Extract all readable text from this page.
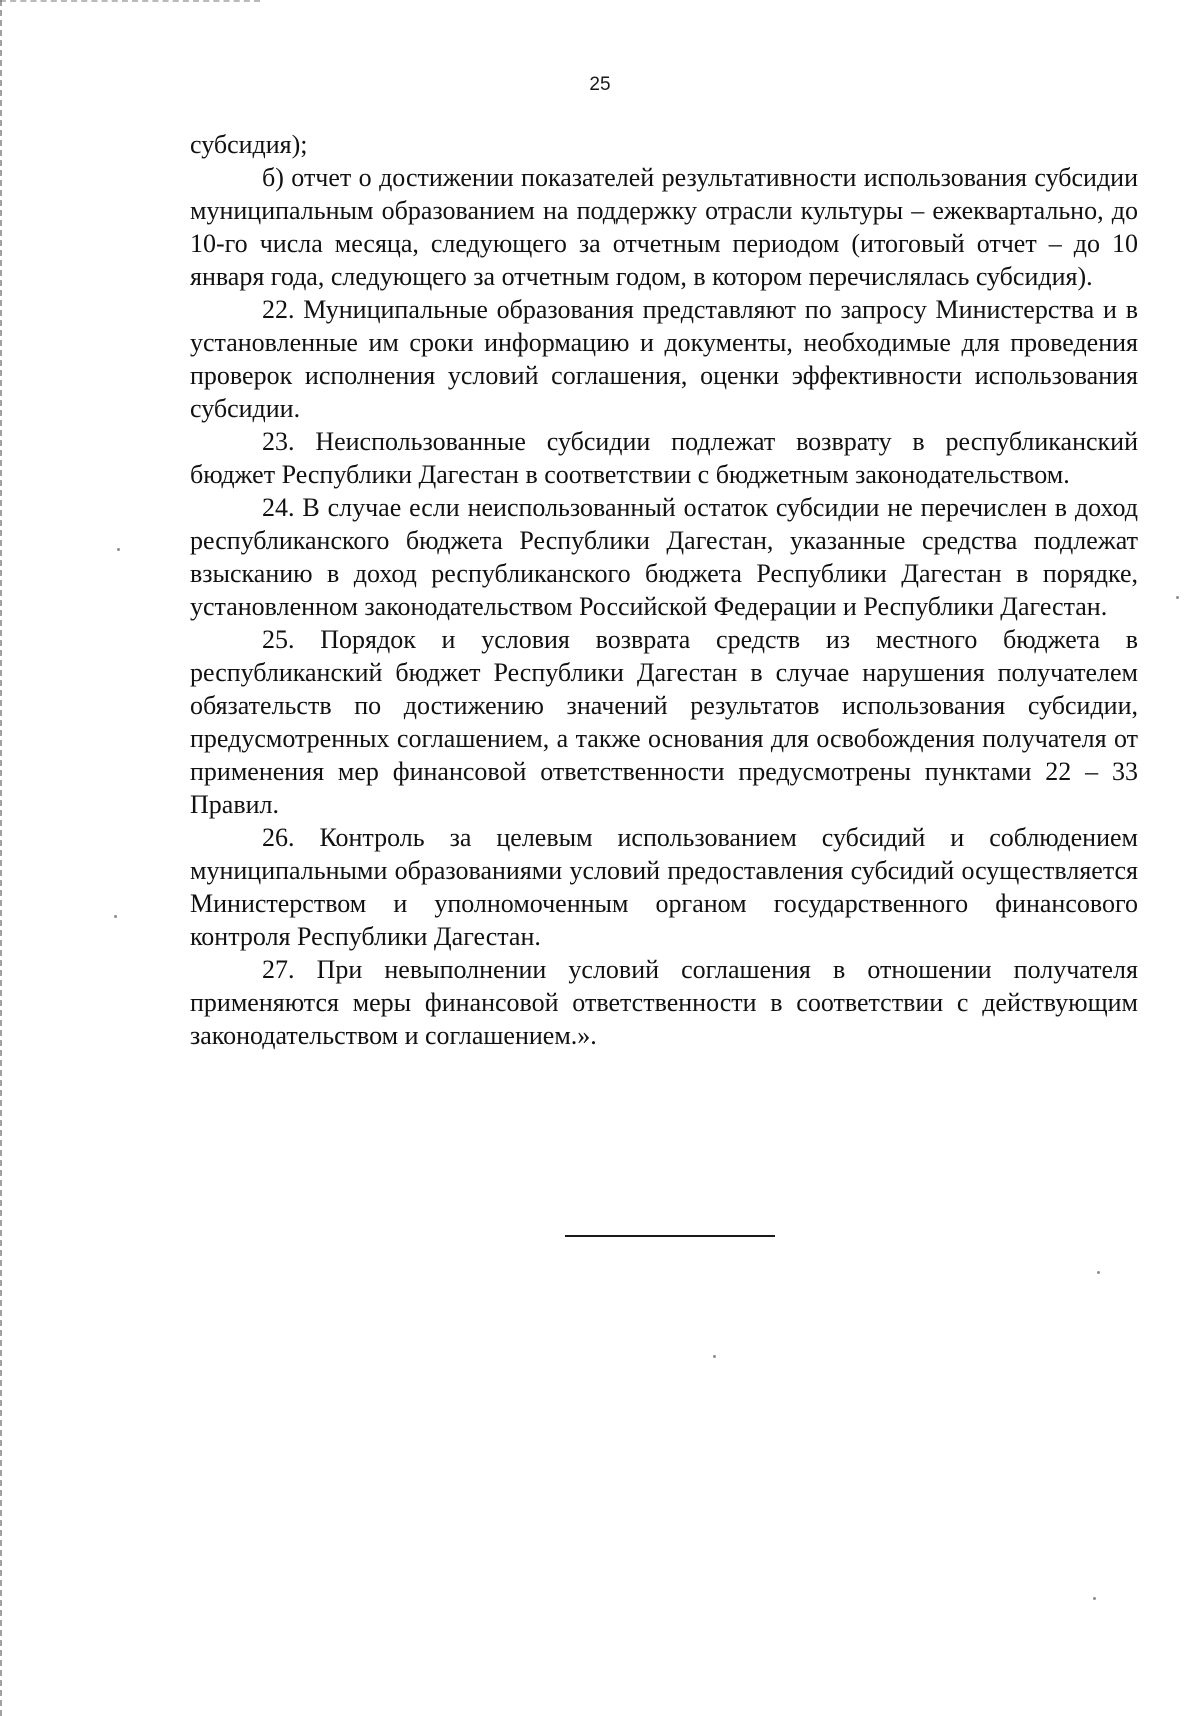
25

субсидия);

б) отчет о достижении показателей результативности использования субсидии муниципальным образованием на поддержку отрасли культуры – ежеквартально, до 10-го числа месяца, следующего за отчетным периодом (итоговый отчет – до 10 января года, следующего за отчетным годом, в котором перечислялась субсидия).

22. Муниципальные образования представляют по запросу Министерства и в установленные им сроки информацию и документы, необходимые для проведения проверок исполнения условий соглашения, оценки эффективности использования субсидии.

23. Неиспользованные субсидии подлежат возврату в республиканский бюджет Республики Дагестан в соответствии с бюджетным законодательством.

24. В случае если неиспользованный остаток субсидии не перечислен в доход республиканского бюджета Республики Дагестан, указанные средства подлежат взысканию в доход республиканского бюджета Республики Дагестан в порядке, установленном законодательством Российской Федерации и Республики Дагестан.

25. Порядок и условия возврата средств из местного бюджета в республиканский бюджет Республики Дагестан в случае нарушения получателем обязательств по достижению значений результатов использования субсидии, предусмотренных соглашением, а также основания для освобождения получателя от применения мер финансовой ответственности предусмотрены пунктами 22 – 33 Правил.

26. Контроль за целевым использованием субсидий и соблюдением муниципальными образованиями условий предоставления субсидий осуществляется Министерством и уполномоченным органом государственного финансового контроля Республики Дагестан.

27. При невыполнении условий соглашения в отношении получателя применяются меры финансовой ответственности в соответствии с действующим законодательством и соглашением.».
